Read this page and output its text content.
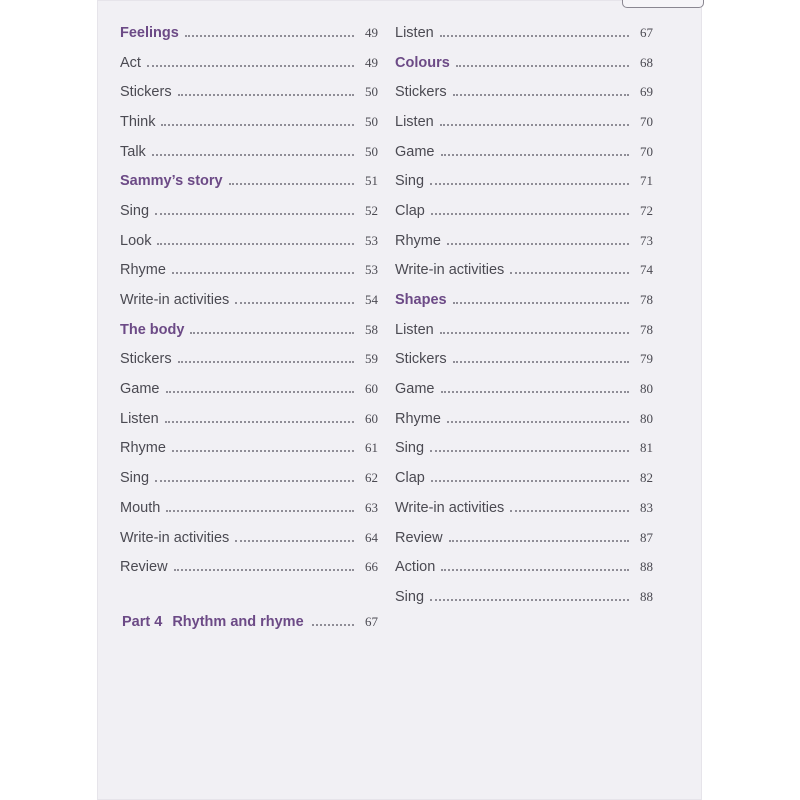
Feelings	49
Act	49
Stickers	50
Think	50
Talk	50
Sammy’s story	51
Sing	52
Look	53
Rhyme	53
Write-in activities	54
The body	58
Stickers	59
Game	60
Listen	60
Rhyme	61
Sing	62
Mouth	63
Write-in activities	64
Review	66
Listen	67
Colours	68
Stickers	69
Listen	70
Game	70
Sing	71
Clap	72
Rhyme	73
Write-in activities	74
Shapes	78
Listen	78
Stickers	79
Game	80
Rhyme	80
Sing	81
Clap	82
Write-in activities	83
Review	87
Action	88
Sing	88
Part 4 Rhythm and rhyme	67
